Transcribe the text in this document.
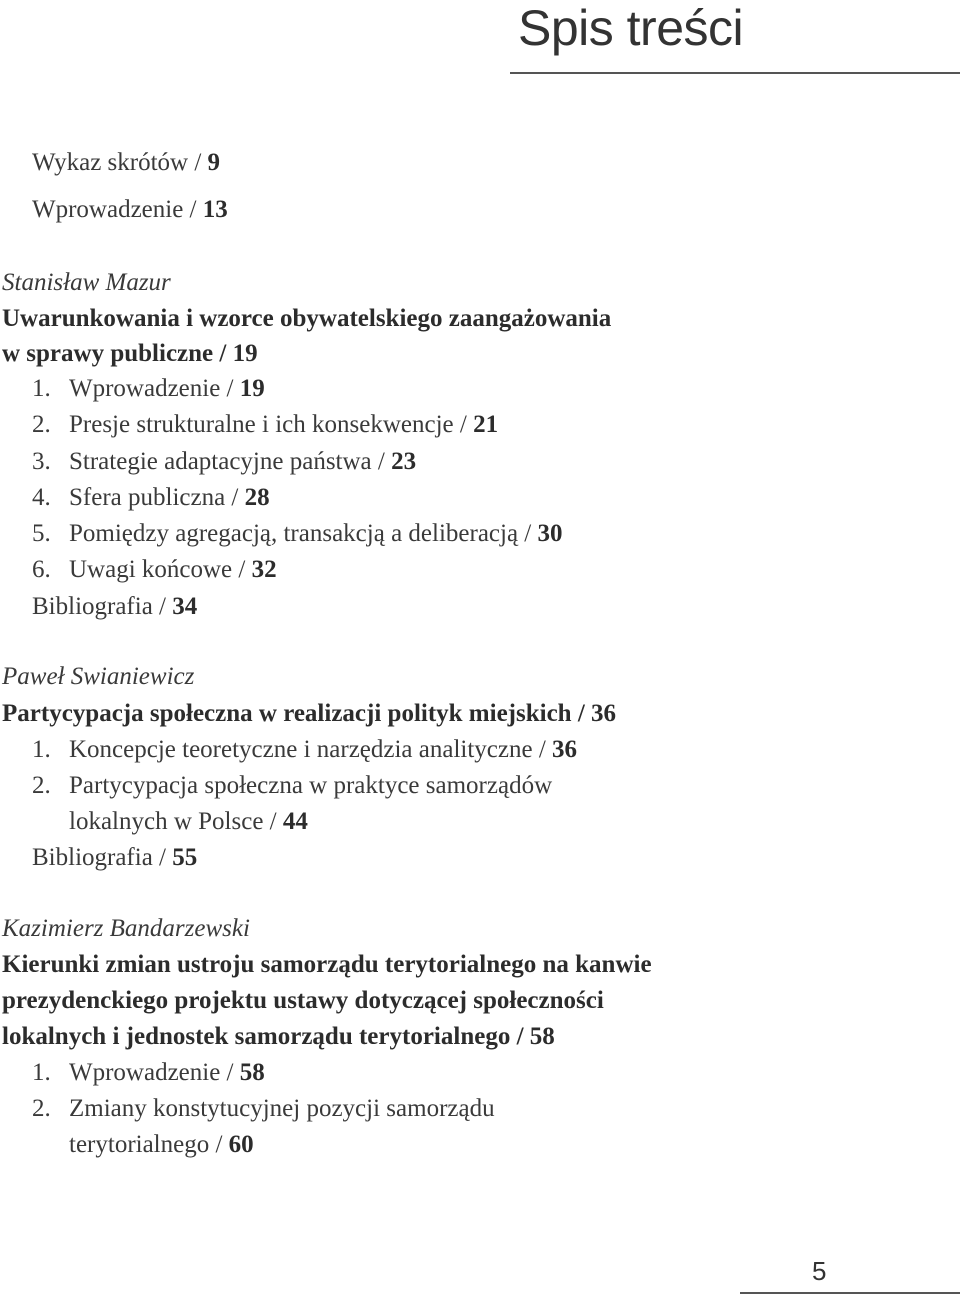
Spis treści
Wykaz skrótów / 9
Wprowadzenie / 13
Stanisław Mazur
Uwarunkowania i wzorce obywatelskiego zaangażowania
w sprawy publiczne / 19
1. Wprowadzenie / 19
2. Presje strukturalne i ich konsekwencje / 21
3. Strategie adaptacyjne państwa / 23
4. Sfera publiczna / 28
5. Pomiędzy agregacją, transakcją a deliberacją / 30
6. Uwagi końcowe / 32
Bibliografia / 34
Paweł Swianiewicz
Partycypacja społeczna w realizacji polityk miejskich / 36
1. Koncepcje teoretyczne i narzędzia analityczne / 36
2. Partycypacja społeczna w praktyce samorządów
lokalnych w Polsce / 44
Bibliografia / 55
Kazimierz Bandarzewski
Kierunki zmian ustroju samorządu terytorialnego na kanwie
prezydenckiego projektu ustawy dotyczącej społeczności
lokalnych i jednostek samorządu terytorialnego / 58
1. Wprowadzenie / 58
2. Zmiany konstytucyjnej pozycji samorządu
terytorialnego / 60
5
